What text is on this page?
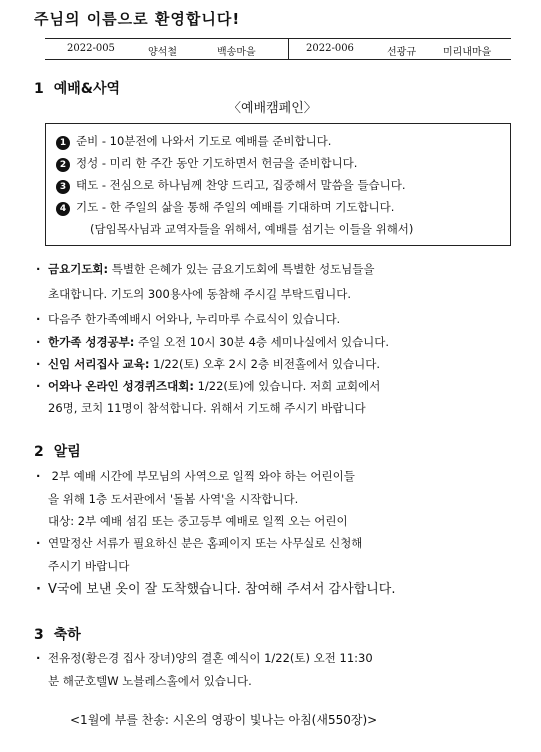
주님의 이름으로 환영합니다!
2022-005	양석철	백송마을	2022-006	선광규	미리내마을
1 예배&사역
〈예배캠페인〉
1 준비 - 10분전에 나와서 기도로 예배를 준비합니다.
2 정성 - 미리 한 주간 동안 기도하면서 헌금을 준비합니다.
3 태도 - 전심으로 하나님께 찬양 드리고, 집중해서 말씀을 들습니다.
4 기도 - 한 주일의 삶을 통해 주일의 예배를 기대하며 기도합니다.
(담임목사님과 교역자들을 위해서, 예배를 섬기는 이들을 위해서)
· 금요기도회: 특별한 은혜가 있는 금요기도회에 특별한 성도님들을
초대합니다. 기도의 300용사에 동참해 주시길 부탁드립니다.
· 다음주 한가족예배시 어와나, 누리마루 수료식이 있습니다.
· 한가족 성경공부: 주일 오전 10시 30분 4층 세미나실에서 있습니다.
· 신임 서리집사 교육: 1/22(토) 오후 2시 2층 비전홀에서 있습니다.
· 어와나 온라인 성경퀴즈대회: 1/22(토)에 있습니다. 저희 교회에서
26명, 코치 11명이 참석합니다. 위해서 기도해 주시기 바랍니다
2 알림
· 2부 예배 시간에 부모님의 사역으로 일찍 와야 하는 어린이들
을 위해 1층 도서관에서 '돌봄 사역'을 시작합니다.
대상: 2부 예배 섬김 또는 중고등부 예배로 일찍 오는 어린이
· 연말정산 서류가 필요하신 분은 홈페이지 또는 사무실로 신청해
주시기 바랍니다
· V국에 보낸 옷이 잘 도착했습니다. 참여해 주셔서 감사합니다.
3 축하
· 전유정(황은경 집사 장녀)양의 결혼 예식이 1/22(토) 오전 11:30
분 해군호텔W 노블레스홀에서 있습니다.
<1월에 부를 찬송: 시온의 영광이 빛나는 아침(새550장)>
